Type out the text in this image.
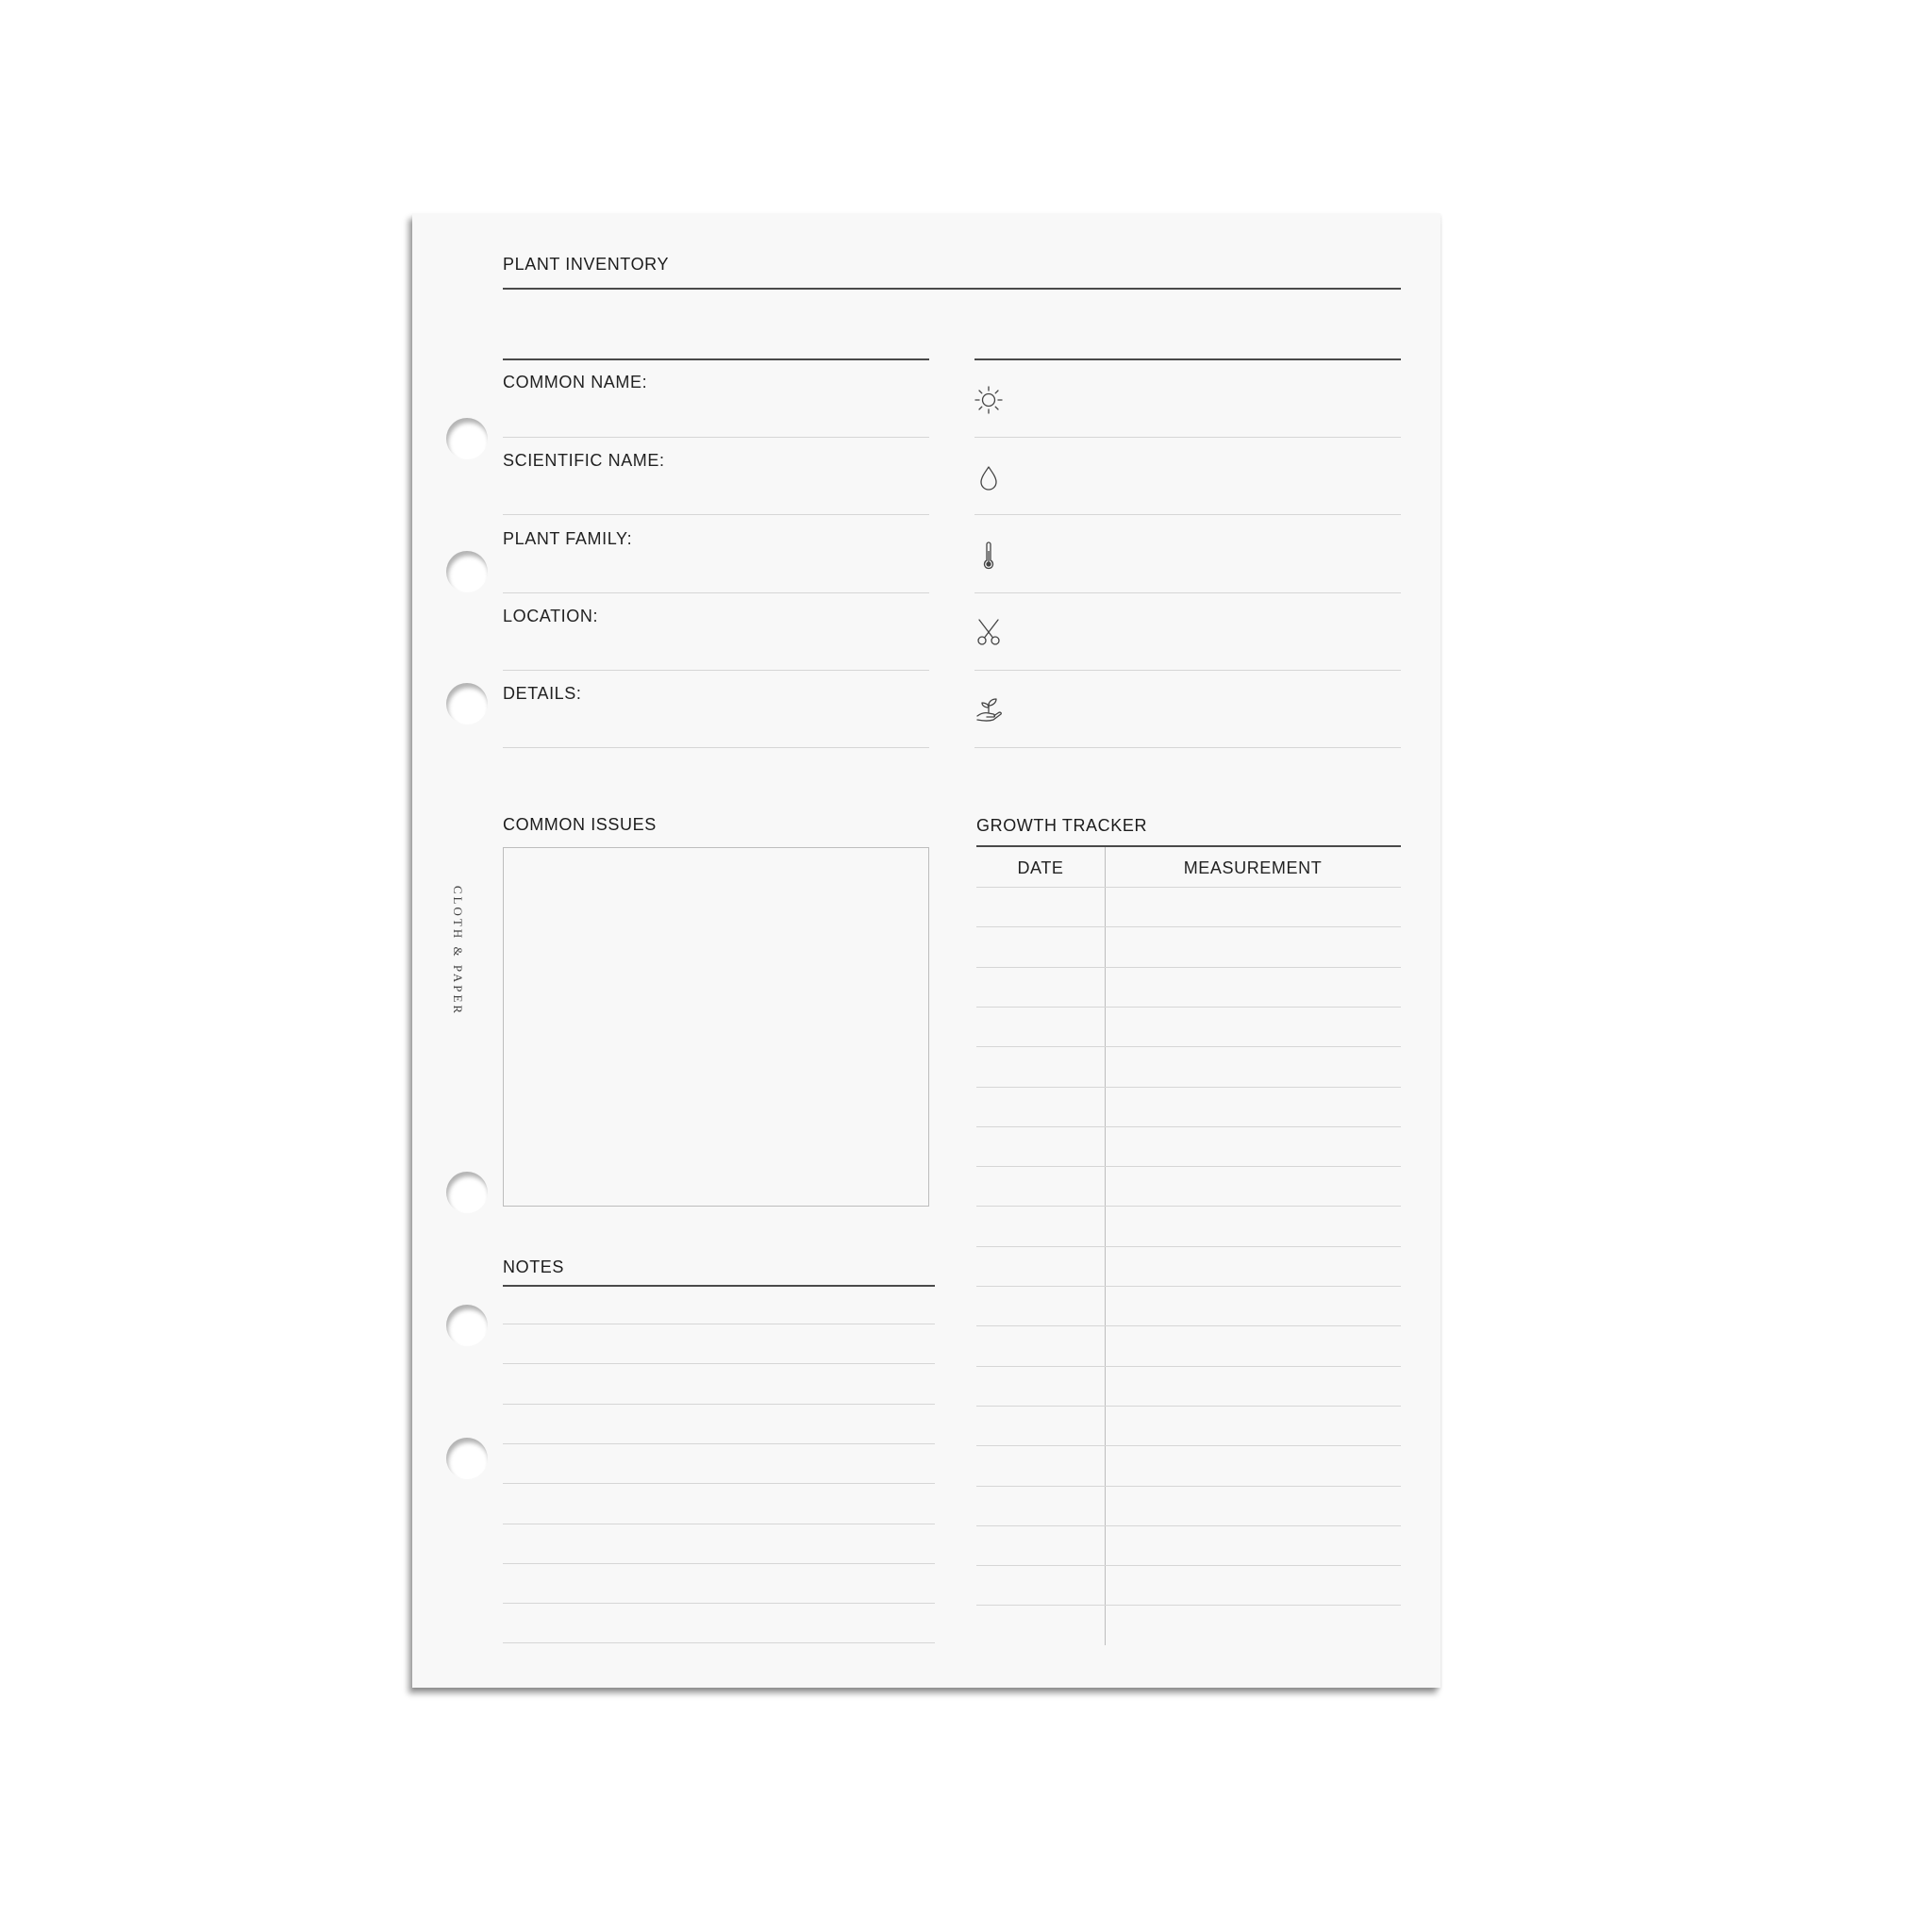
CLOTH & PAPER
PLANT INVENTORY
COMMON NAME:
SCIENTIFIC NAME:
PLANT FAMILY:
LOCATION:
DETAILS:
COMMON ISSUES
NOTES
GROWTH TRACKER
DATE	MEASUREMENT
